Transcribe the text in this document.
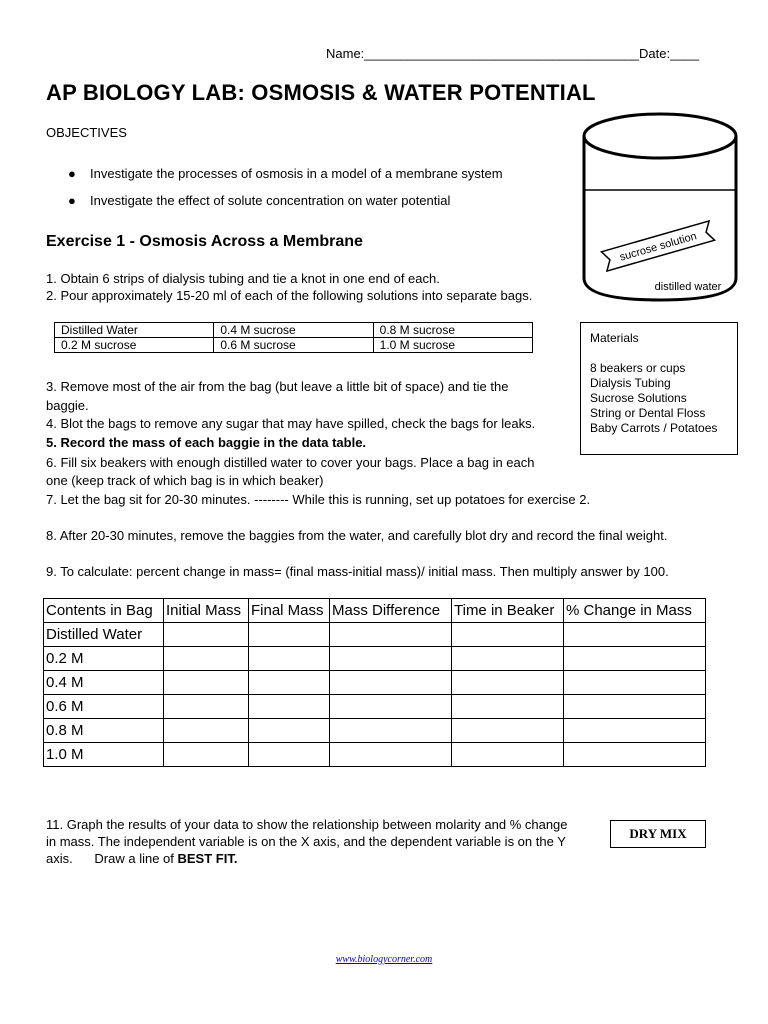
Name:______________________________________Date:____
AP BIOLOGY LAB: OSMOSIS & WATER POTENTIAL
OBJECTIVES
● Investigate the processes of osmosis in a model of a membrane system
● Investigate the effect of solute concentration on water potential
Exercise 1 - Osmosis Across a Membrane
1. Obtain 6 strips of dialysis tubing and tie a knot in one end of each.
2. Pour approximately 15-20 ml of each of the following solutions into separate bags.
Distilled Water	0.4 M sucrose	0.8 M sucrose
0.2 M sucrose	0.6 M sucrose	1.0 M sucrose
3. Remove most of the air from the bag (but leave a little bit of space) and tie the
baggie.
4. Blot the bags to remove any sugar that may have spilled, check the bags for leaks.
5. Record the mass of each baggie in the data table.
6. Fill six beakers with enough distilled water to cover your bags. Place a bag in each
one (keep track of which bag is in which beaker)
7. Let the bag sit for 20-30 minutes. -------- While this is running, set up potatoes for exercise 2.
8. After 20-30 minutes, remove the baggies from the water, and carefully blot dry and record the final weight.
9. To calculate: percent change in mass= (final mass-initial mass)/ initial mass. Then multiply answer by 100.
sucrose solution
distilled water
Materials
8 beakers or cups
Dialysis Tubing
Sucrose Solutions
String or Dental Floss
Baby Carrots / Potatoes
Contents in Bag	Initial Mass	Final Mass	Mass Difference	Time in Beaker	% Change in Mass
Distilled Water					
0.2 M					
0.4 M					
0.6 M					
0.8 M					
1.0 M					
11. Graph the results of your data to show the relationship between molarity and % change
in mass. The independent variable is on the X axis, and the dependent variable is on the Y
axis.      Draw a line of BEST FIT.
DRY MIX
www.biologycorner.com
